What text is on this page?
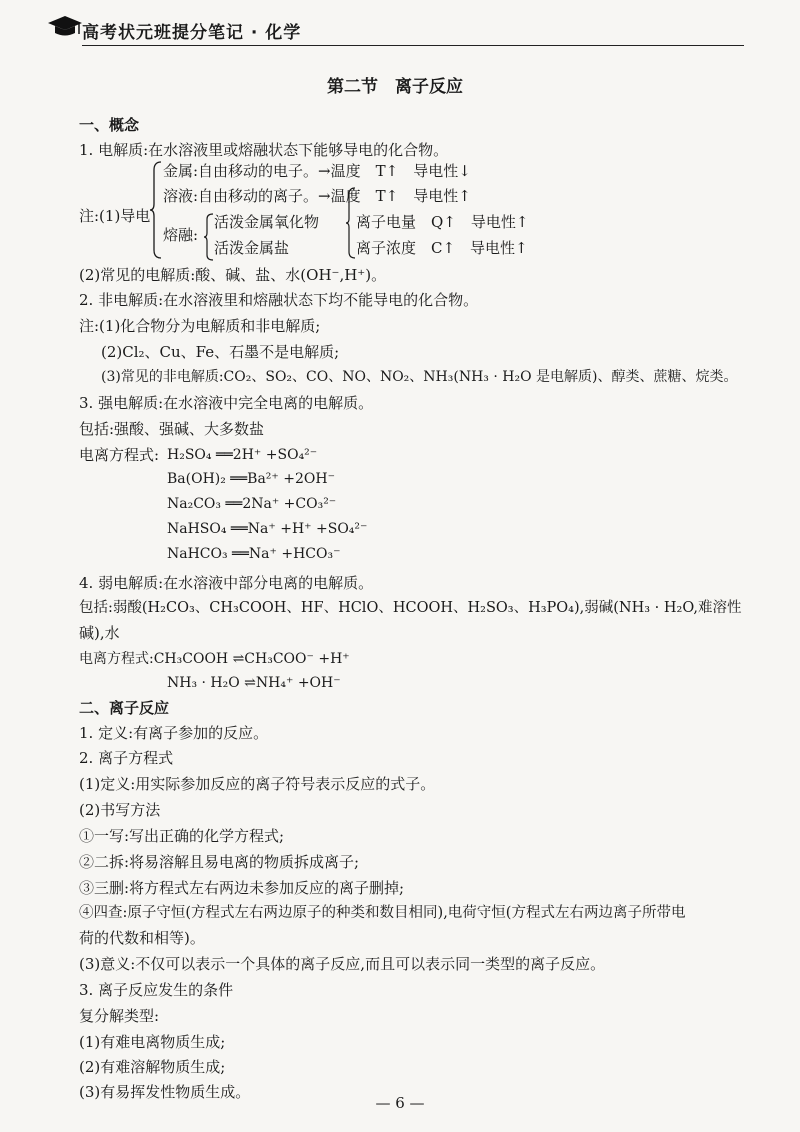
高考状元班提分笔记 · 化学
第二节　离子反应
一、概念
1. 电解质:在水溶液里或熔融状态下能够导电的化合物。
注:(1)导电
金属:自由移动的电子。→温度　T↑　导电性↓
溶液:自由移动的离子。→温度　T↑　导电性↑
熔融:
活泼金属氧化物
活泼金属盐
离子电量　Q↑　导电性↑
离子浓度　C↑　导电性↑
(2)常见的电解质:酸、碱、盐、水(OH⁻,H⁺)。
2. 非电解质:在水溶液里和熔融状态下均不能导电的化合物。
注:(1)化合物分为电解质和非电解质;
(2)Cl₂、Cu、Fe、石墨不是电解质;
(3)常见的非电解质:CO₂、SO₂、CO、NO、NO₂、NH₃(NH₃ · H₂O 是电解质)、醇类、蔗糖、烷类。
3. 强电解质:在水溶液中完全电离的电解质。
包括:强酸、强碱、大多数盐
电离方程式: H₂SO₄ ══2H⁺ +SO₄²⁻
Ba(OH)₂ ══Ba²⁺ +2OH⁻
Na₂CO₃ ══2Na⁺ +CO₃²⁻
NaHSO₄ ══Na⁺ +H⁺ +SO₄²⁻
NaHCO₃ ══Na⁺ +HCO₃⁻
4. 弱电解质:在水溶液中部分电离的电解质。
包括:弱酸(H₂CO₃、CH₃COOH、HF、HClO、HCOOH、H₂SO₃、H₃PO₄),弱碱(NH₃ · H₂O,难溶性
碱),水
电离方程式:CH₃COOH ⇌CH₃COO⁻ +H⁺
NH₃ · H₂O ⇌NH₄⁺ +OH⁻
二、离子反应
1. 定义:有离子参加的反应。
2. 离子方程式
(1)定义:用实际参加反应的离子符号表示反应的式子。
(2)书写方法
①一写:写出正确的化学方程式;
②二拆:将易溶解且易电离的物质拆成离子;
③三删:将方程式左右两边未参加反应的离子删掉;
④四查:原子守恒(方程式左右两边原子的种类和数目相同),电荷守恒(方程式左右两边离子所带电
荷的代数和相等)。
(3)意义:不仅可以表示一个具体的离子反应,而且可以表示同一类型的离子反应。
3. 离子反应发生的条件
复分解类型:
(1)有难电离物质生成;
(2)有难溶解物质生成;
(3)有易挥发性物质生成。
— 6 —
